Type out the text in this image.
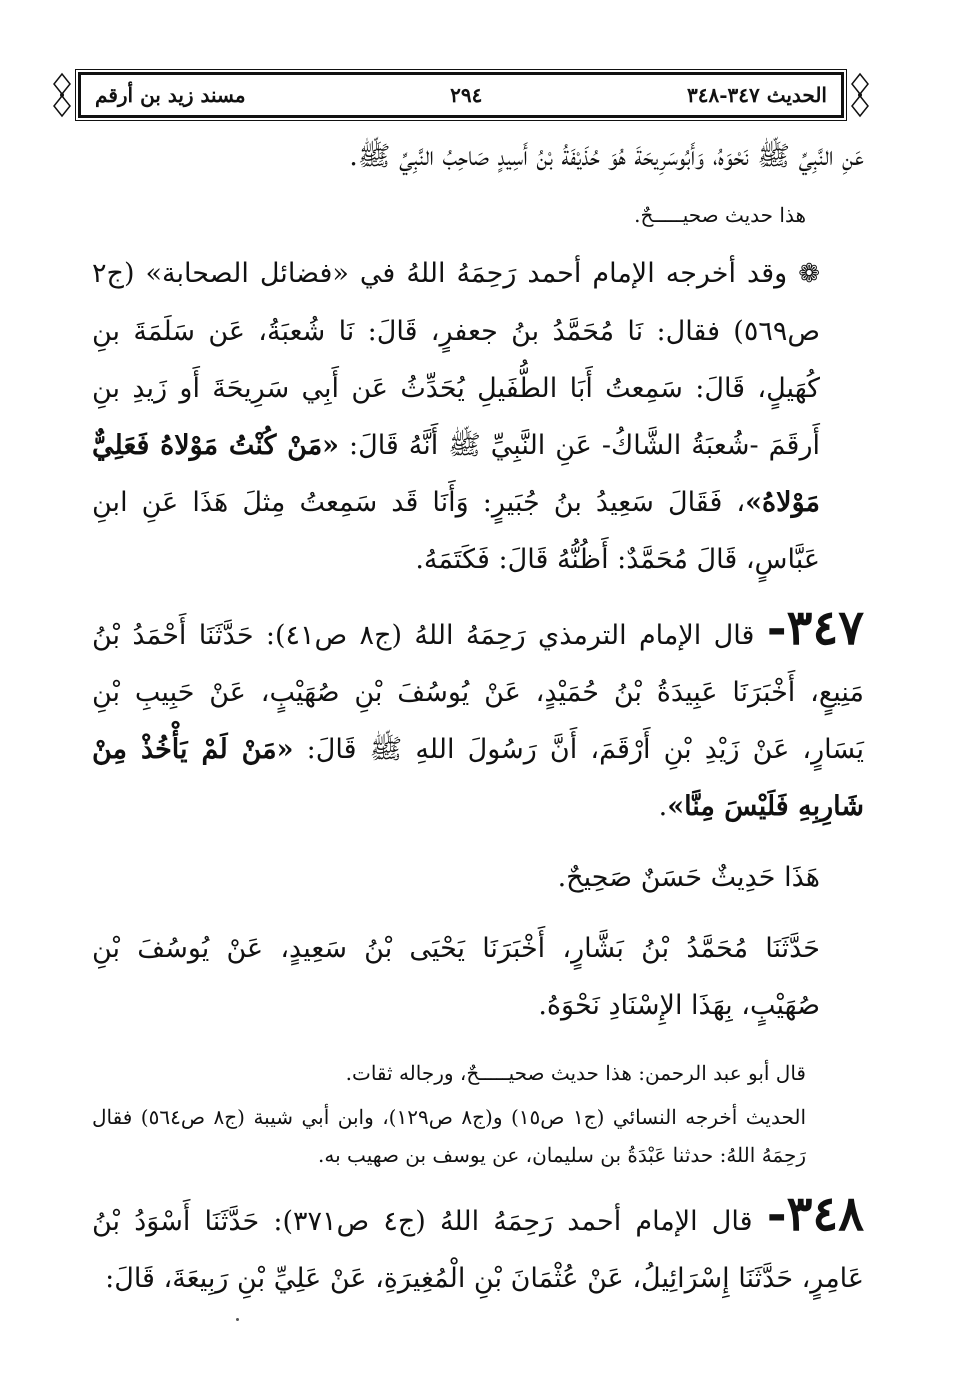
الحديث ٣٤٧-٣٤٨
٢٩٤
مسند زيد بن أرقم

عَنِ النَّبِيِّ ﷺ نَحْوَهُ، وَأَبُوسَرِيحَةَ هُوَ حُذَيْفَةُ بْنُ أَسِيدٍ صَاحِبُ النَّبِيِّ ﷺ.

هذا حديث صحيـــــحٌ.

❁ وقد أخرجه الإمام أحمد رَحِمَهُ اللهُ في «فضائل الصحابة» (ج٢ ص٥٦٩) فقال: نَا مُحَمَّدُ بنُ جعفرٍ، قَالَ: نَا شُعبَةُ، عَن سَلَمَةَ بنِ كُهَيلٍ، قَالَ: سَمِعتُ أَبَا الطُّفَيلِ يُحَدِّثُ عَن أَبِي سَرِيحَةَ أَو زَيدِ بنِ أَرقَمَ -شُعبَةُ الشَّاكُ- عَنِ النَّبِيِّ ﷺ أَنَّهُ قَالَ: «مَنْ كُنْتُ مَوْلاهُ فَعَلِيٌّ مَوْلاهُ»، فَقَالَ سَعِيدُ بنُ جُبَيرٍ: وَأَنَا قَد سَمِعتُ مِثلَ هَذَا عَنِ ابنِ عَبَّاسٍ، قَالَ مُحَمَّدٌ: أَظُنُّهُ قَالَ: فَكَتَمَهُ.

٣٤٧- قال الإمام الترمذي رَحِمَهُ اللهُ (ج٨ ص٤١): حَدَّثَنَا أَحْمَدُ بْنُ مَنِيعٍ، أَخْبَرَنَا عَبِيدَةُ بْنُ حُمَيْدٍ، عَنْ يُوسُفَ بْنِ صُهَيْبٍ، عَنْ حَبِيبِ بْنِ يَسَارٍ، عَنْ زَيْدِ بْنِ أَرْقَمَ، أَنَّ رَسُولَ اللهِ ﷺ قَالَ: «مَنْ لَمْ يَأْخُذْ مِنْ شَارِبِهِ فَلَيْسَ مِنَّا».

هَذَا حَدِيثٌ حَسَنٌ صَحِيحٌ.

حَدَّثَنَا مُحَمَّدُ بْنُ بَشَّارٍ، أَخْبَرَنَا يَحْيَى بْنُ سَعِيدٍ، عَنْ يُوسُفَ بْنِ صُهَيْبٍ، بِهَذَا الإِسْنَادِ نَحْوَهُ.

قال أبو عبد الرحمن: هذا حديث صحيـــــحٌ، ورجاله ثقات.

الحديث أخرجه النسائي (ج١ ص١٥) و(ج٨ ص١٢٩)، وابن أبي شيبة (ج٨ ص٥٦٤) فقال رَحِمَهُ اللهُ: حدثنا عَبْدَةُ بن سليمان، عن يوسف بن صهيب به.

٣٤٨- قال الإمام أحمد رَحِمَهُ اللهُ (ج٤ ص٣٧١): حَدَّثَنَا أَسْوَدُ بْنُ عَامِرٍ، حَدَّثَنَا إِسْرَائِيلُ، عَنْ عُثْمَانَ بْنِ الْمُغِيرَةِ، عَنْ عَلِيِّ بْنِ رَبِيعَةَ، قَالَ:
